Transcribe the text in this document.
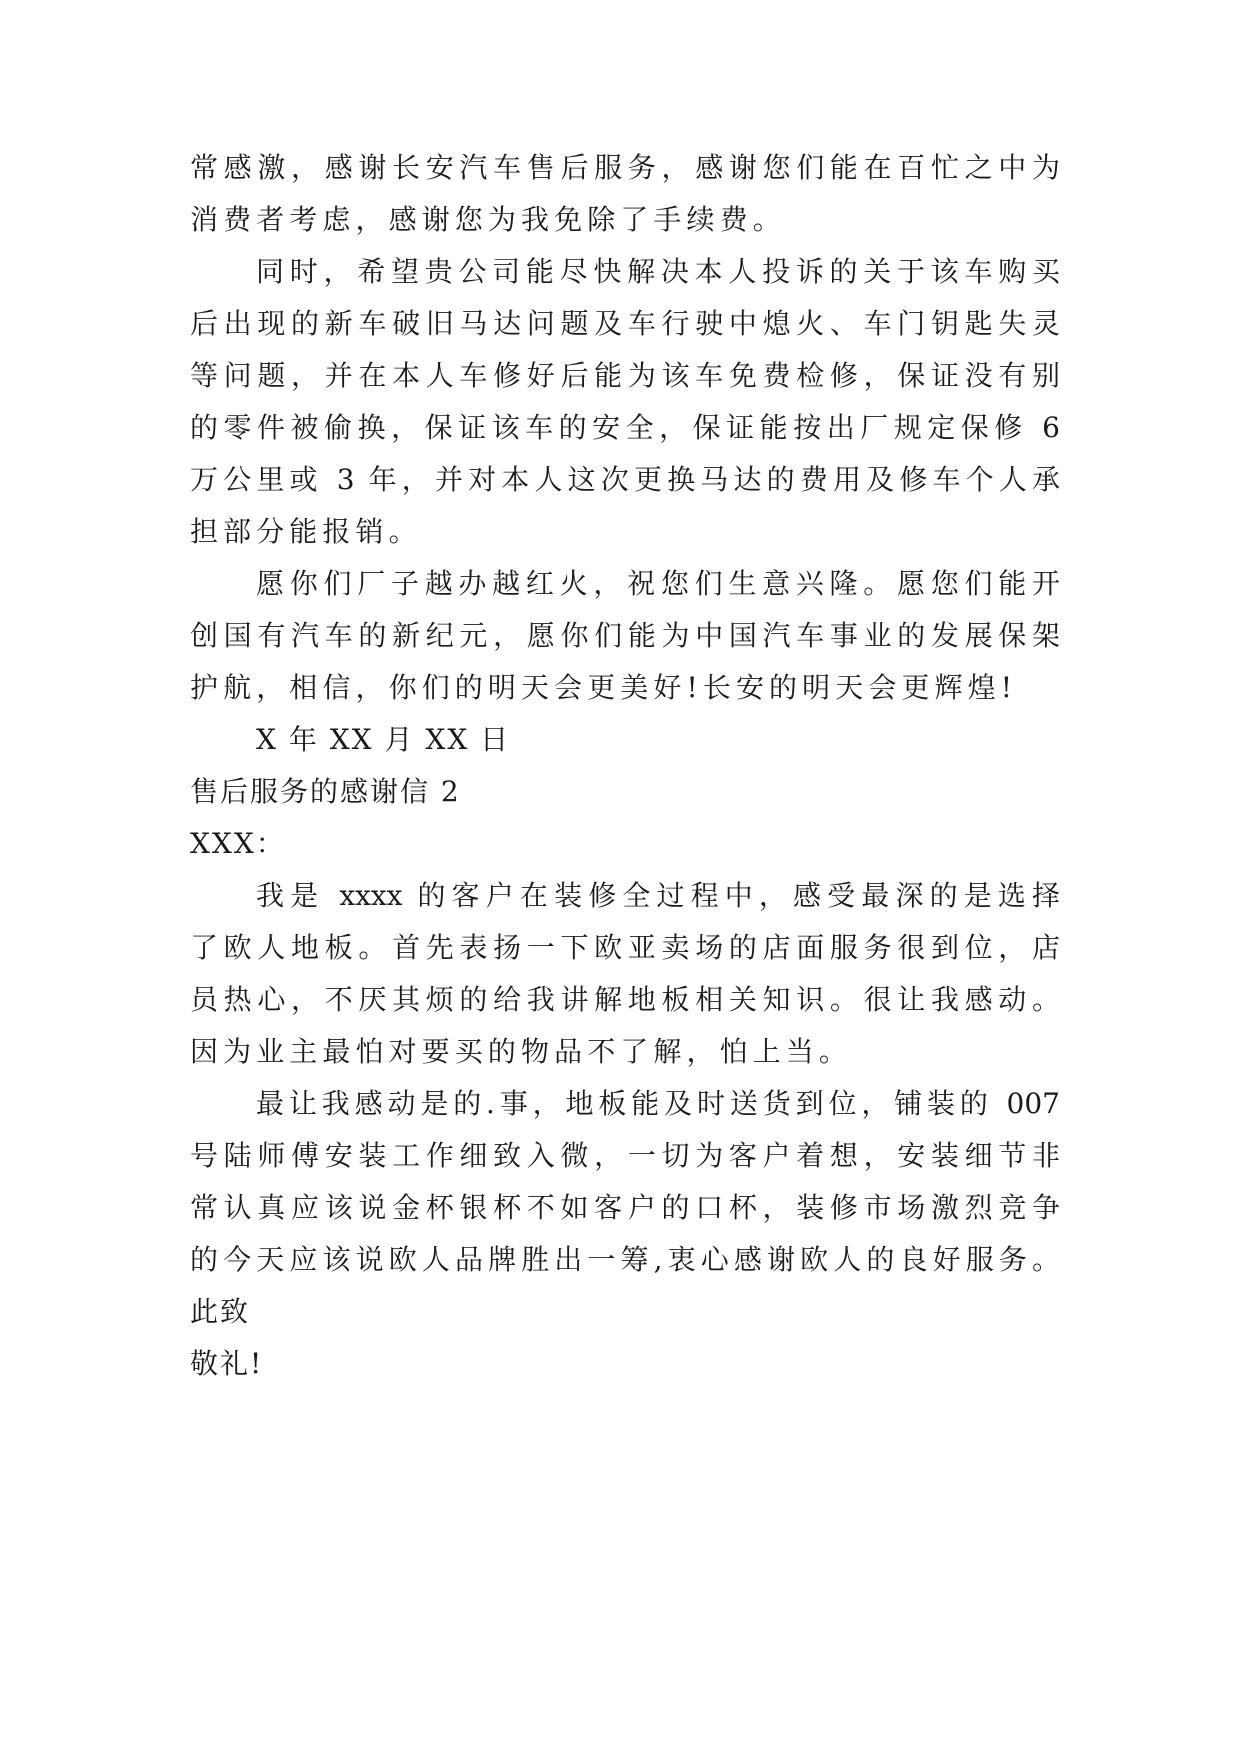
常感激，感谢长安汽车售后服务，感谢您们能在百忙之中为
消费者考虑，感谢您为我免除了手续费。
同时，希望贵公司能尽快解决本人投诉的关于该车购买
后出现的新车破旧马达问题及车行驶中熄火、车门钥匙失灵
等问题，并在本人车修好后能为该车免费检修，保证没有别
的零件被偷换，保证该车的安全，保证能按出厂规定保修 6
万公里或 3 年，并对本人这次更换马达的费用及修车个人承
担部分能报销。
愿你们厂子越办越红火，祝您们生意兴隆。愿您们能开
创国有汽车的新纪元，愿你们能为中国汽车事业的发展保架
护航，相信，你们的明天会更美好!长安的明天会更辉煌!
X 年 XX 月 XX 日
售后服务的感谢信 2
XXX：
我是 xxxx 的客户在装修全过程中，感受最深的是选择
了欧人地板。首先表扬一下欧亚卖场的店面服务很到位，店
员热心，不厌其烦的给我讲解地板相关知识。很让我感动。
因为业主最怕对要买的物品不了解，怕上当。
最让我感动是的.事，地板能及时送货到位，铺装的 007
号陆师傅安装工作细致入微，一切为客户着想，安装细节非
常认真应该说金杯银杯不如客户的口杯，装修市场激烈竞争
的今天应该说欧人品牌胜出一筹,衷心感谢欧人的良好服务。
此致
敬礼!
